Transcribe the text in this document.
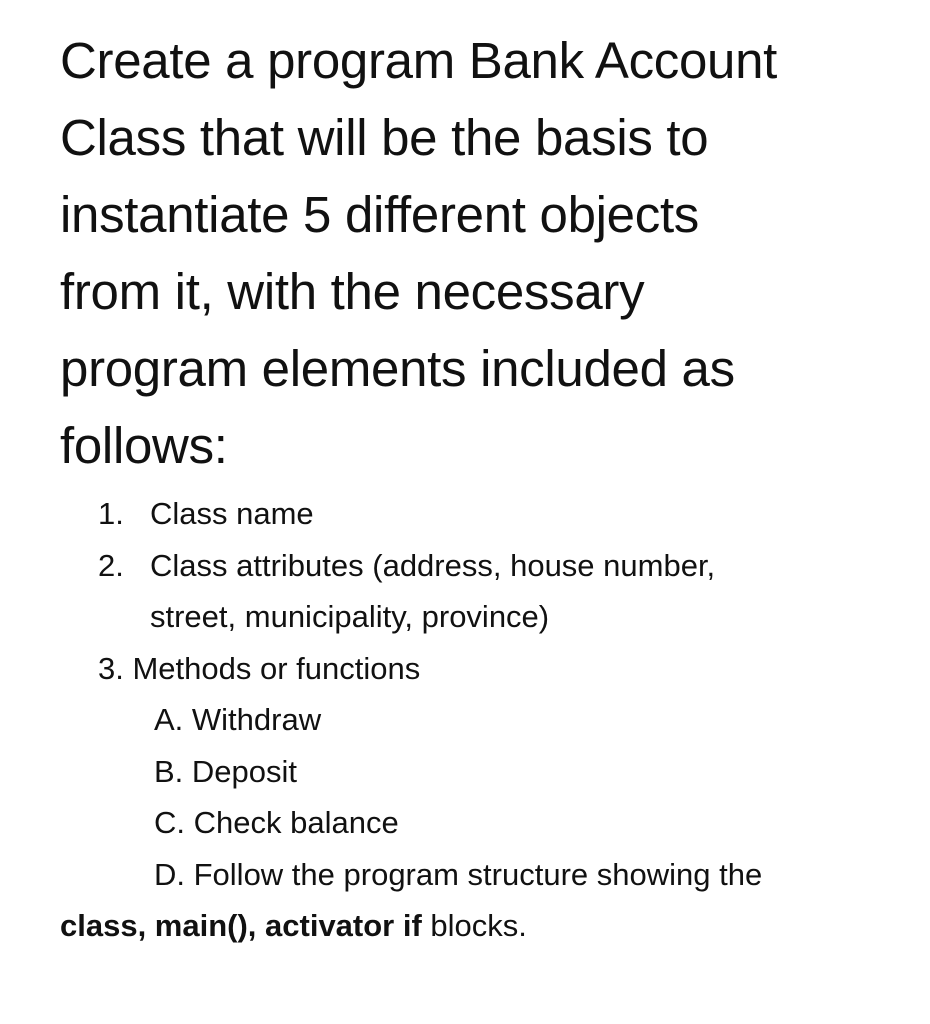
Create a program Bank Account
Class that will be the basis to
instantiate 5 different objects
from it, with the necessary
program elements included as
follows:
1. Class name
2. Class attributes (address, house number,
street, municipality, province)
3. Methods or functions
A. Withdraw
B. Deposit
C. Check balance
D. Follow the program structure showing the
class, main(), activator if blocks.
